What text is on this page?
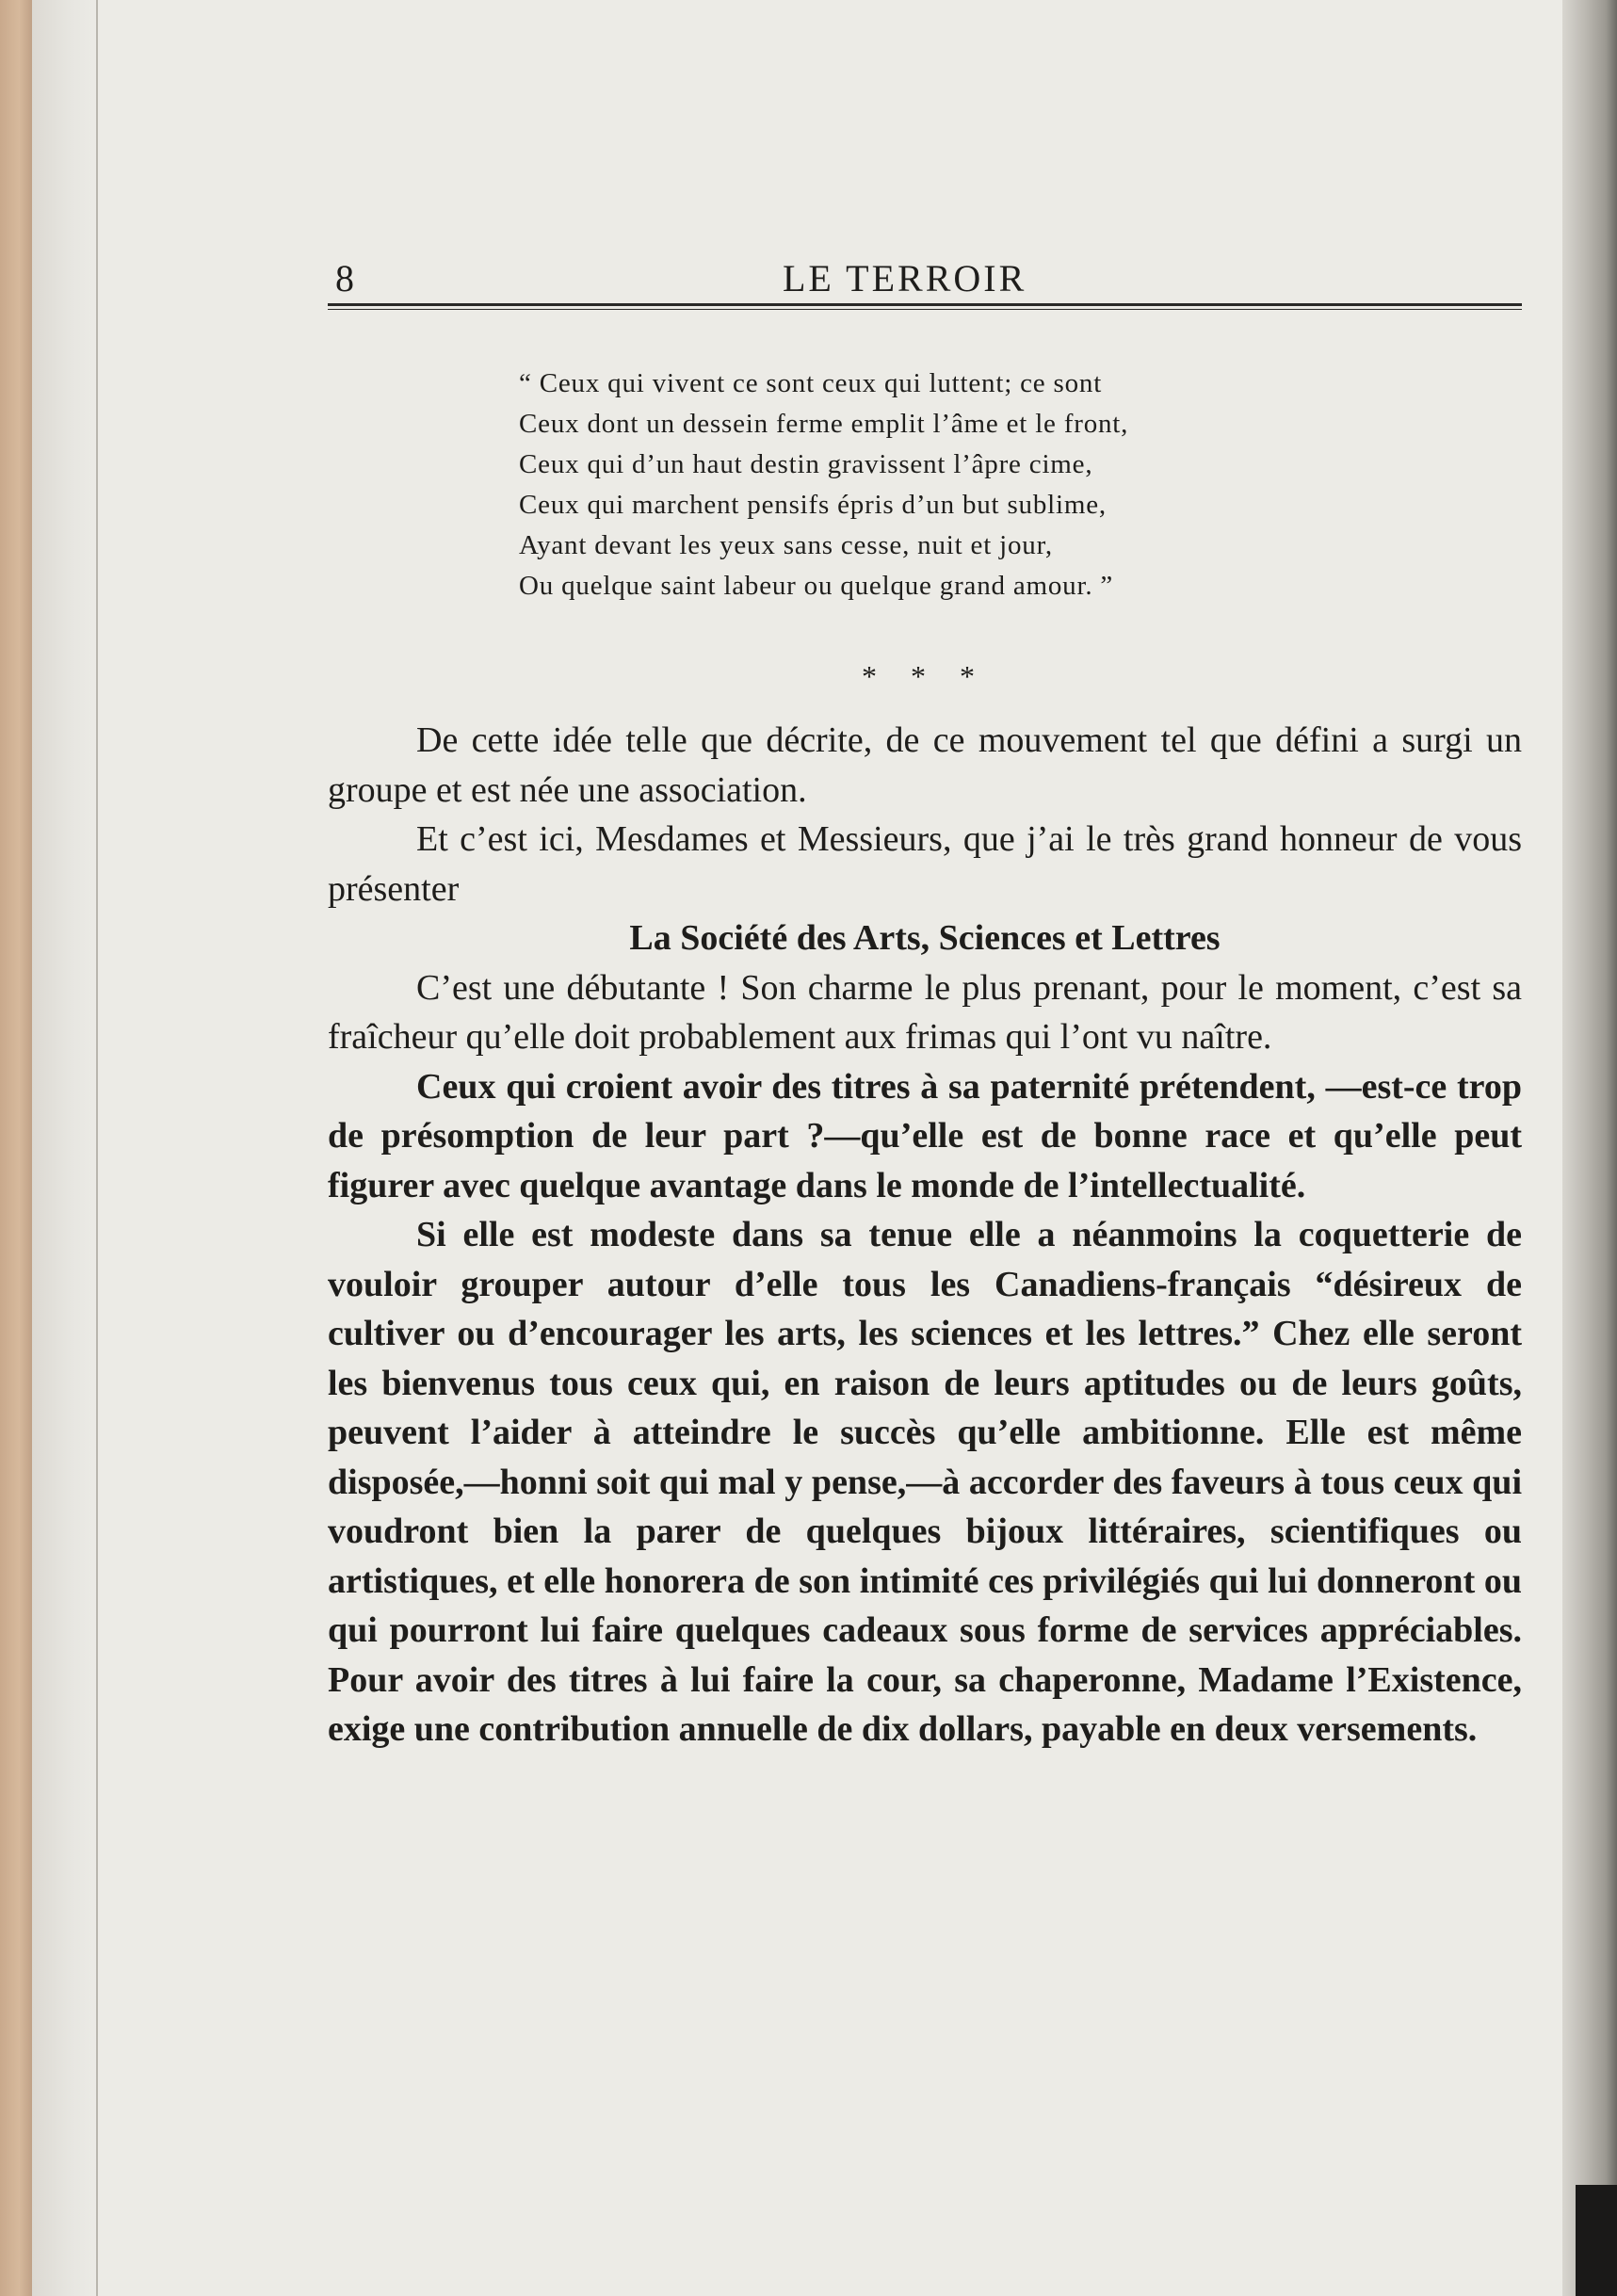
8	LE TERROIR
“ Ceux qui vivent ce sont ceux qui luttent; ce sont
Ceux dont un dessein ferme emplit l’âme et le front,
Ceux qui d’un haut destin gravissent l’âpre cime,
Ceux qui marchent pensifs épris d’un but sublime,
Ayant devant les yeux sans cesse, nuit et jour,
Ou quelque saint labeur ou quelque grand amour. ”
* * *

De cette idée telle que décrite, de ce mouvement tel que défini a surgi un groupe et est née une association.

Et c’est ici, Mesdames et Messieurs, que j’ai le très grand honneur de vous présenter

La Société des Arts, Sciences et Lettres

C’est une débutante ! Son charme le plus prenant, pour le moment, c’est sa fraîcheur qu’elle doit probablement aux frimas qui l’ont vu naître.

Ceux qui croient avoir des titres à sa paternité prétendent, —est-ce trop de présomption de leur part ?—qu’elle est de bonne race et qu’elle peut figurer avec quelque avantage dans le monde de l’intellectualité.

Si elle est modeste dans sa tenue elle a néanmoins la coquetterie de vouloir grouper autour d’elle tous les Canadiens-français “désireux de cultiver ou d’encourager les arts, les sciences et les lettres.” Chez elle seront les bienvenus tous ceux qui, en raison de leurs aptitudes ou de leurs goûts, peuvent l’aider à atteindre le succès qu’elle ambitionne. Elle est même disposée,—honni soit qui mal y pense,—à accorder des faveurs à tous ceux qui voudront bien la parer de quelques bijoux littéraires, scientifiques ou artistiques, et elle honorera de son intimité ces privilégiés qui lui donneront ou qui pourront lui faire quelques cadeaux sous forme de services appréciables. Pour avoir des titres à lui faire la cour, sa chaperonne, Madame l’Existence, exige une contribution annuelle de dix dollars, payable en deux versements.
